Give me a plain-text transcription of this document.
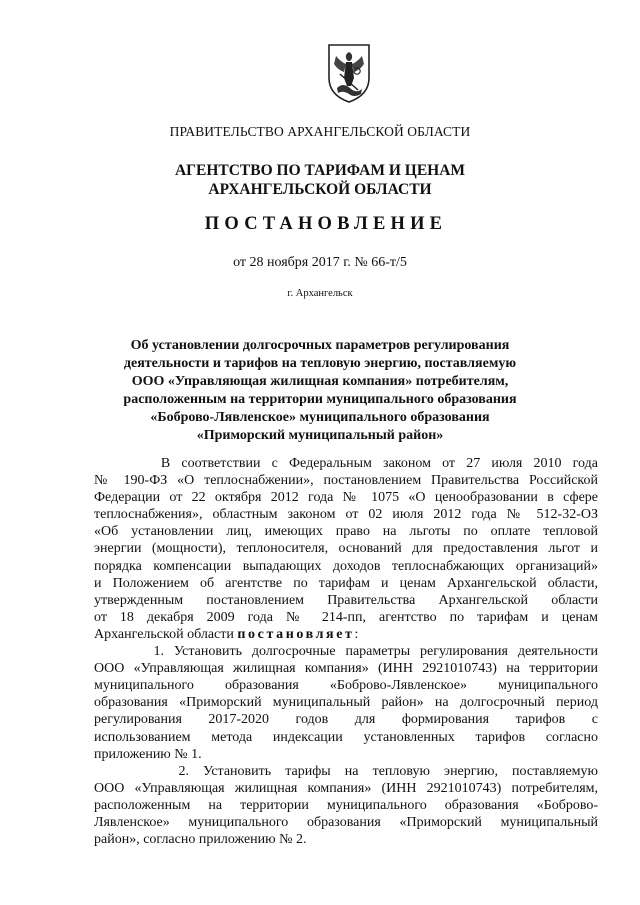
ПРАВИТЕЛЬСТВО АРХАНГЕЛЬСКОЙ ОБЛАСТИ
АГЕНТСТВО ПО ТАРИФАМ И ЦЕНАМ
АРХАНГЕЛЬСКОЙ ОБЛАСТИ
ПОСТАНОВЛЕНИЕ
от 28 ноября 2017 г. № 66-т/5
г. Архангельск
Об установлении долгосрочных параметров регулирования
деятельности и тарифов на тепловую энергию, поставляемую
ООО «Управляющая жилищная компания» потребителям,
расположенным на территории муниципального образования
«Боброво-Лявленское» муниципального образования
«Приморский муниципальный район»

В соответствии с Федеральным законом от 27 июля 2010 года
№ 190-ФЗ «О теплоснабжении», постановлением Правительства Российской
Федерации от 22 октября 2012 года № 1075 «О ценообразовании в сфере
теплоснабжения», областным законом от 02 июля 2012 года № 512-32-ОЗ
«Об установлении лиц, имеющих право на льготы по оплате тепловой
энергии (мощности), теплоносителя, оснований для предоставления льгот и
порядка компенсации выпадающих доходов теплоснабжающих организаций»
и Положением об агентстве по тарифам и ценам Архангельской области,
утвержденным постановлением Правительства Архангельской области
от 18 декабря 2009 года № 214-пп, агентство по тарифам и ценам
Архангельской области постановляет:

1. Установить долгосрочные параметры регулирования деятельности
ООО «Управляющая жилищная компания» (ИНН 2921010743) на территории
муниципального образования «Боброво-Лявленское» муниципального
образования «Приморский муниципальный район» на долгосрочный период
регулирования 2017-2020 годов для формирования тарифов с
использованием метода индексации установленных тарифов согласно
приложению № 1.

2. Установить тарифы на тепловую энергию, поставляемую
ООО «Управляющая жилищная компания» (ИНН 2921010743) потребителям,
расположенным на территории муниципального образования «Боброво-
Лявленское» муниципального образования «Приморский муниципальный
район», согласно приложению № 2.
